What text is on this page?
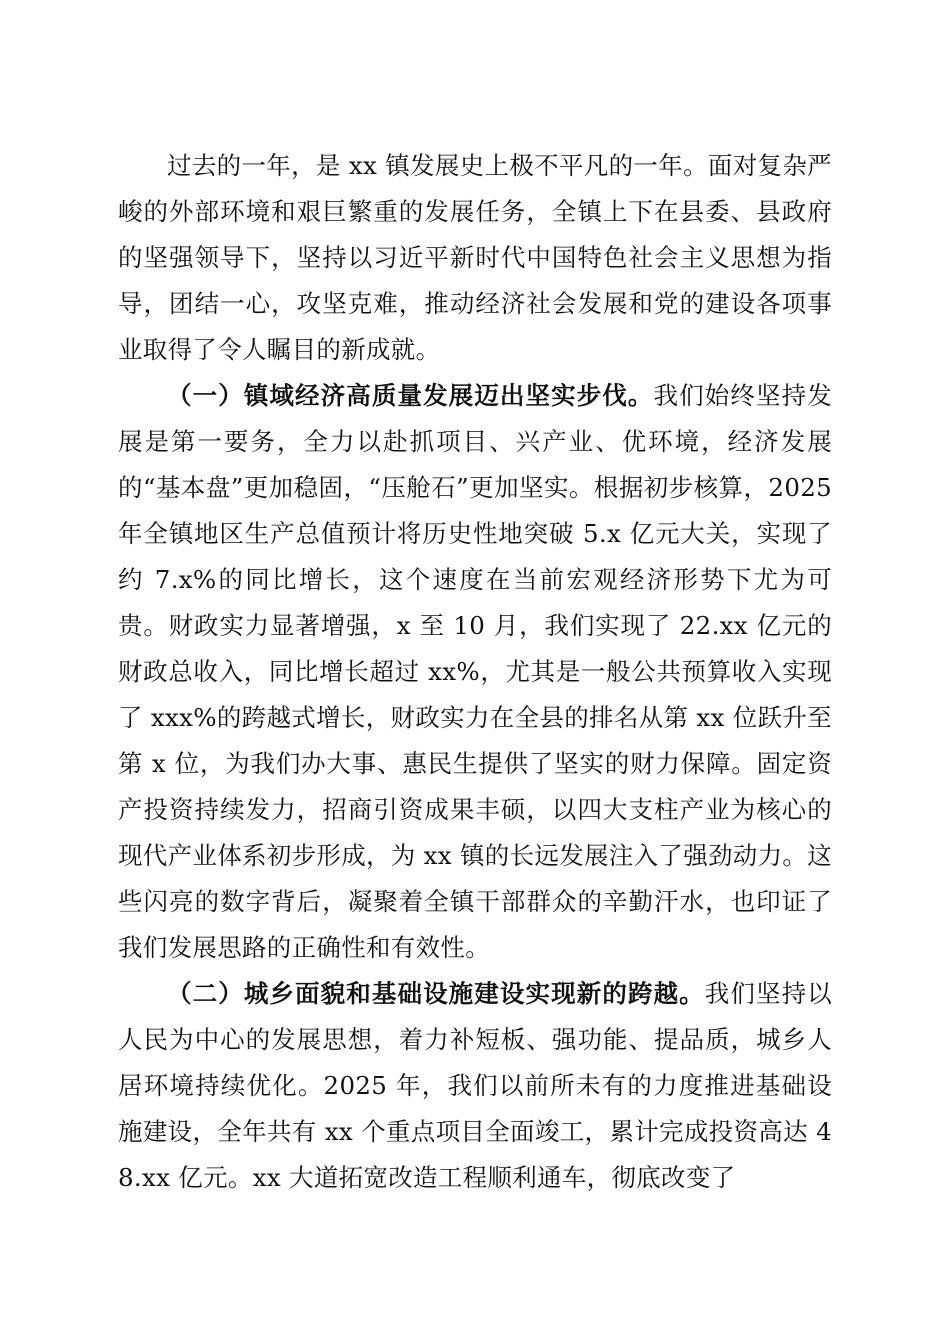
过去的一年，是 xx 镇发展史上极不平凡的一年。面对复杂严峻的外部环境和艰巨繁重的发展任务，全镇上下在县委、县政府的坚强领导下，坚持以习近平新时代中国特色社会主义思想为指导，团结一心，攻坚克难，推动经济社会发展和党的建设各项事业取得了令人瞩目的新成就。

（一）镇域经济高质量发展迈出坚实步伐。我们始终坚持发展是第一要务，全力以赴抓项目、兴产业、优环境，经济发展的“基本盘”更加稳固，“压舱石”更加坚实。根据初步核算，2025 年全镇地区生产总值预计将历史性地突破 5.x 亿元大关，实现了约 7.x%的同比增长，这个速度在当前宏观经济形势下尤为可贵。财政实力显著增强，x 至 10 月，我们实现了 22.xx 亿元的财政总收入，同比增长超过 xx%，尤其是一般公共预算收入实现了 xxx%的跨越式增长，财政实力在全县的排名从第 xx 位跃升至第 x 位，为我们办大事、惠民生提供了坚实的财力保障。固定资产投资持续发力，招商引资成果丰硕，以四大支柱产业为核心的现代产业体系初步形成，为 xx 镇的长远发展注入了强劲动力。这些闪亮的数字背后，凝聚着全镇干部群众的辛勤汗水，也印证了我们发展思路的正确性和有效性。

（二）城乡面貌和基础设施建设实现新的跨越。我们坚持以人民为中心的发展思想，着力补短板、强功能、提品质，城乡人居环境持续优化。2025 年，我们以前所未有的力度推进基础设施建设，全年共有 xx 个重点项目全面竣工，累计完成投资高达 48.xx 亿元。xx 大道拓宽改造工程顺利通车，彻底改变了
